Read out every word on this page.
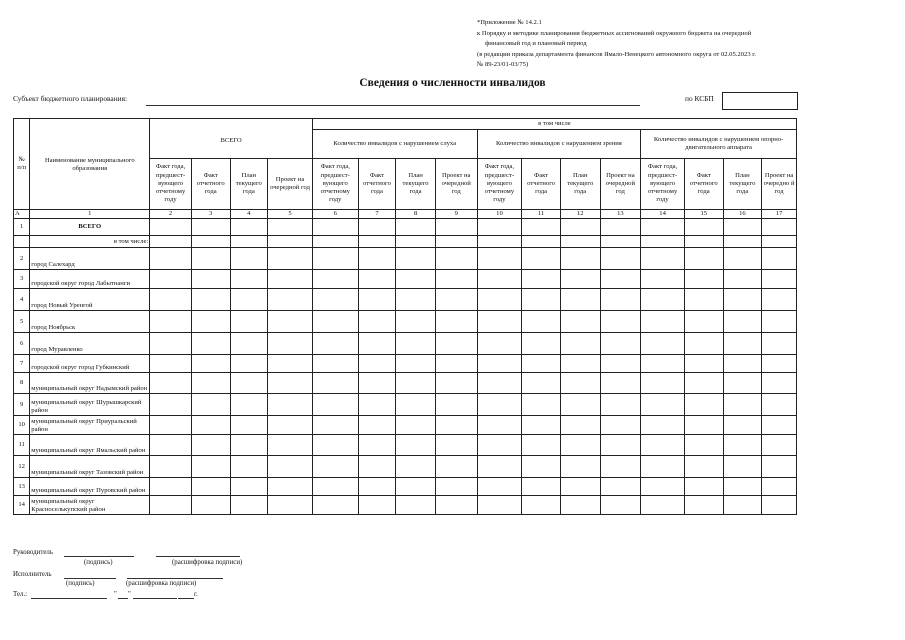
*Приложение № 14.2.1
к Порядку и методике планирования бюджетных ассигнований окружного бюджета на очередной
финансовый год и плановый период
(в редакции приказа департамента финансов Ямало-Ненецкого автономного округа от 02.05.2023 г.
№ 89-23/01-03/75)
Сведения о численности инвалидов
Субъект бюджетного планирования:	по КСБП
№ п/п	Наименование муниципального образования	ВСЕГО				в том числе											
						Количество инвалидов с нарушением слуха				Количество инвалидов с нарушением зрения				Количество инвалидов с нарушением опорно-двигательного аппарата			
		Факт года, предшест-вующего отчетному году	Факт отчетного года	План текущего года	Проект на очередной год	Факт года, предшест-вующего отчетному году	Факт отчетного года	План текущего года	Проект на очередной год	Факт года, предшест-вующего отчетному году	Факт отчетного года	План текущего года	Проект на очередной год	Факт года, предшест-вующего отчетному году	Факт отчетного года	План текущего года	Проект на очередно й год
А	1	2	3	4	5	6	7	8	9	10	11	12	13	14	15	16	17
1	ВСЕГО																
	в том числе:																
2	город Салехард																
3	городской округ город Лабытнанги																
4	город Новый Уренгой																
5	город Ноябрьск																
6	город Муравленко																
7	городской округ город Губкинский																
8	муниципальный округ Надымский район																
9	муниципальный округ Шурышкарский район																
10	муниципальный округ Приуральский район																
11	муниципальный округ Ямальский район																
12	муниципальный округ Тазовский район																
13	муниципальный округ Пуровский район																
14	муниципальный округ Красноселькупский район																
Руководитель
(подпись)	(расшифровка подписи)
Исполнитель
(подпись)	(расшифровка подписи)
Тел.:	" "	г.
